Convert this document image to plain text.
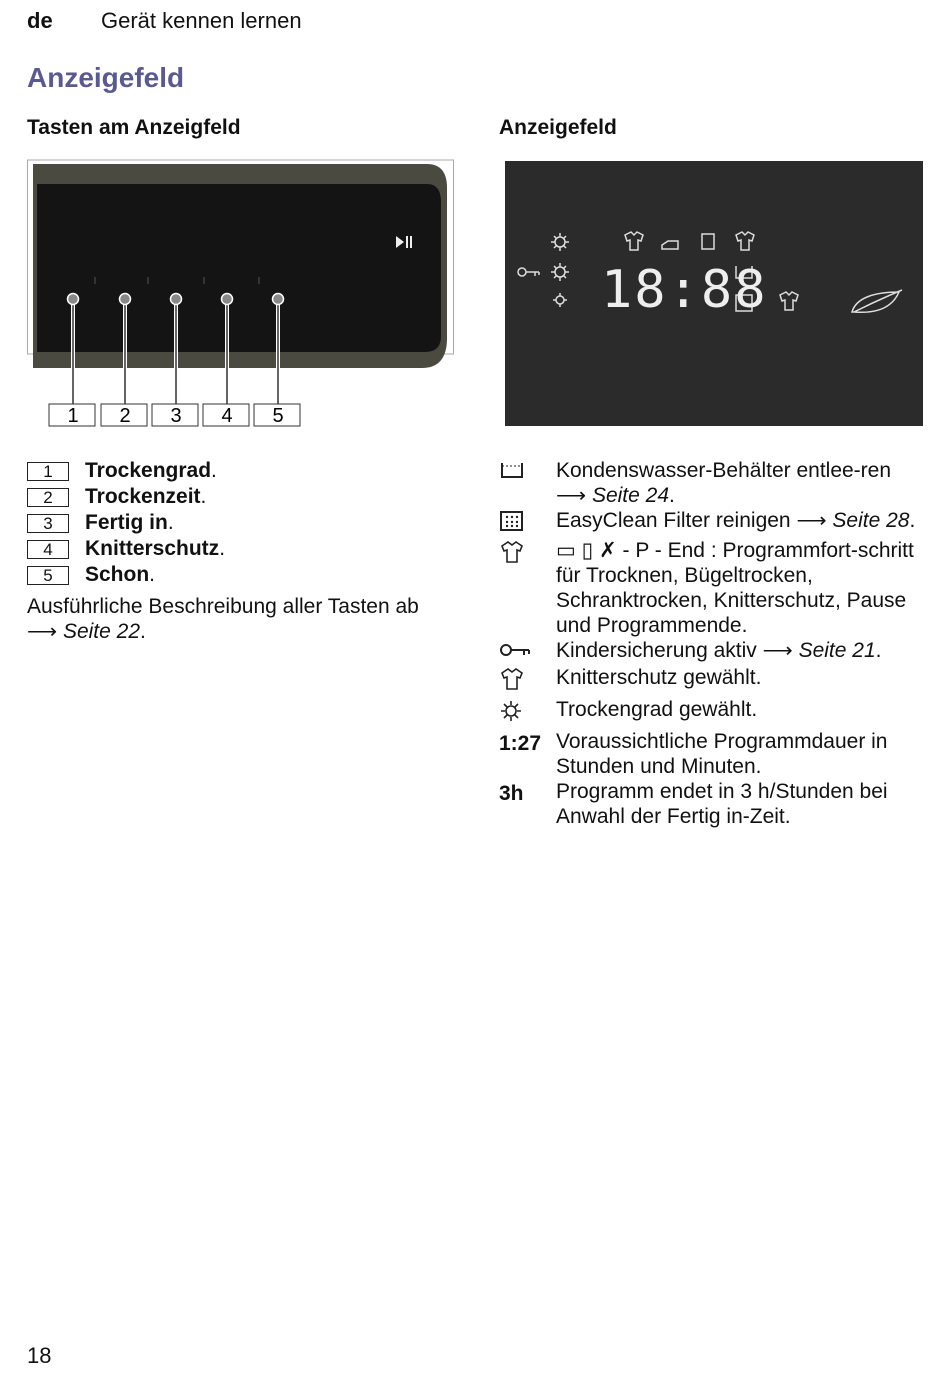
de Gerät kennen lernen
Anzeigefeld
Tasten am Anzeigfeld	Anzeigefeld
1 2 3 4 5
18:88
1	Trockengrad .
2	Trockenzeit .
3	Fertig in .
4	Knitterschutz .
5	Schon .
Ausführliche Beschreibung aller Tasten ab ⟶ Seite 22.
Kondenswasser-Behälter entlee-ren ⟶ Seite 24.
EasyClean Filter reinigen ⟶ Seite 28.
▭ ▯ ✗ - P - End : Programmfort-schritt für Trocknen, Bügeltrocken, Schranktrocken, Knitterschutz, Pause und Programmende.
Kindersicherung aktiv ⟶ Seite 21.
Knitterschutz gewählt.
Trockengrad gewählt.
1:27 Voraussichtliche Programmdauer in Stunden und Minuten.
3h	Programm endet in 3 h/Stunden bei Anwahl der Fertig in-Zeit.
18
